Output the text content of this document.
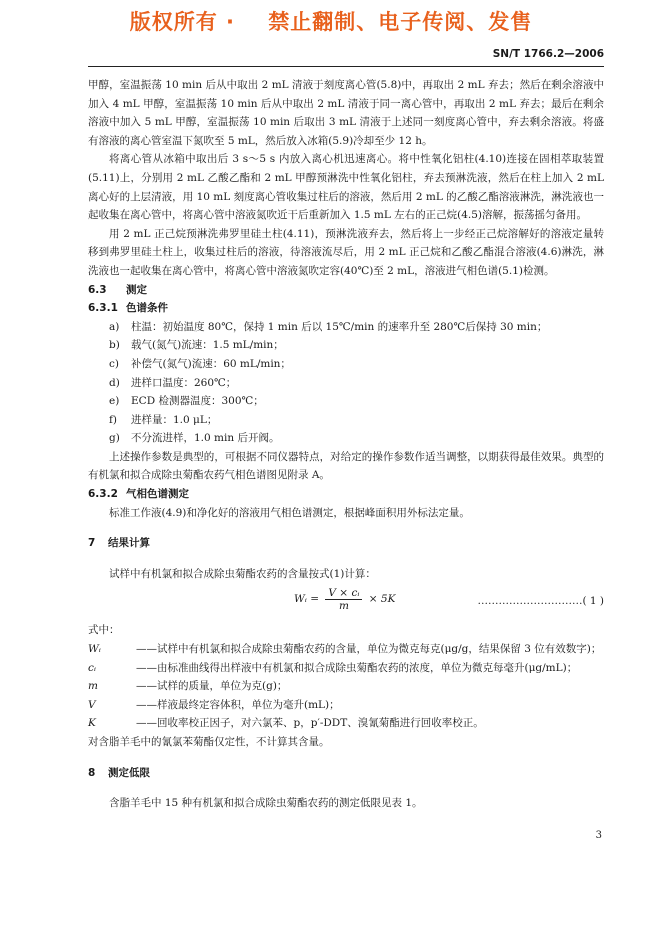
版权所有 ·    禁止翻制、电子传阅、发售
SN/T 1766.2—2006

甲醇，室温振荡 10 min 后从中取出 2 mL 清液于刻度离心管(5.8)中，再取出 2 mL 弃去；然后在剩余溶液中加入 4 mL 甲醇，室温振荡 10 min 后从中取出 2 mL 清液于同一离心管中，再取出 2 mL 弃去；最后在剩余溶液中加入 5 mL 甲醇，室温振荡 10 min 后取出 3 mL 清液于上述同一刻度离心管中，弃去剩余溶液。将盛有溶液的离心管室温下氮吹至 5 mL，然后放入冰箱(5.9)冷却至少 12 h。

将离心管从冰箱中取出后 3 s～5 s 内放入离心机迅速离心。将中性氧化铝柱(4.10)连接在固相萃取装置(5.11)上，分别用 2 mL 乙酸乙酯和 2 mL 甲醇预淋洗中性氧化铝柱，弃去预淋洗液，然后在柱上加入 2 mL 离心好的上层清液，用 10 mL 刻度离心管收集过柱后的溶液，然后用 2 mL 的乙酸乙酯溶液淋洗，淋洗液也一起收集在离心管中，将离心管中溶液氮吹近干后重新加入 1.5 mL 左右的正己烷(4.5)溶解，振荡摇匀备用。

用 2 mL 正己烷预淋洗弗罗里硅土柱(4.11)，预淋洗液弃去，然后将上一步经正己烷溶解好的溶液定量转移到弗罗里硅土柱上，收集过柱后的溶液，待溶液流尽后，用 2 mL 正己烷和乙酸乙酯混合溶液(4.6)淋洗，淋洗液也一起收集在离心管中，将离心管中溶液氮吹定容(40℃)至 2 mL，溶液进气相色谱(5.1)检测。

6.3 测定

6.3.1 色谱条件

a) 柱温：初始温度 80℃，保持 1 min 后以 15℃/min 的速率升至 280℃后保持 30 min；

b) 载气(氮气)流速：1.5 mL/min；

c) 补偿气(氮气)流速：60 mL/min；

d) 进样口温度：260℃；

e) ECD 检测器温度：300℃；

f) 进样量：1.0 μL；

g) 不分流进样，1.0 min 后开阀。

上述操作参数是典型的，可根据不同仪器特点，对给定的操作参数作适当调整，以期获得最佳效果。典型的有机氯和拟合成除虫菊酯农药气相色谱图见附录 A。

6.3.2 气相色谱测定

标准工作液(4.9)和净化好的溶液用气相色谱测定，根据峰面积用外标法定量。

7 结果计算

试样中有机氯和拟合成除虫菊酯农药的含量按式(1)计算：

Wᵢ = $\frac{\text{V × cᵢ}}{m} \times 5K$	…………………………( 1 )

式中：

Wᵢ	——试样中有机氯和拟合成除虫菊酯农药的含量，单位为微克每克(μg/g，结果保留 3 位有效数字)；
cᵢ	——由标准曲线得出样液中有机氯和拟合成除虫菊酯农药的浓度，单位为微克每毫升(μg/mL)；
m	——试样的质量，单位为克(g)；
V	——样液最终定容体积，单位为毫升(mL)；
K	——回收率校正因子，对六氯苯、p，p′-DDT、溴氰菊酯进行回收率校正。

对含脂羊毛中的氰氯苯菊酯仅定性，不计算其含量。

8 测定低限

含脂羊毛中 15 种有机氯和拟合成除虫菊酯农药的测定低限见表 1。

3
